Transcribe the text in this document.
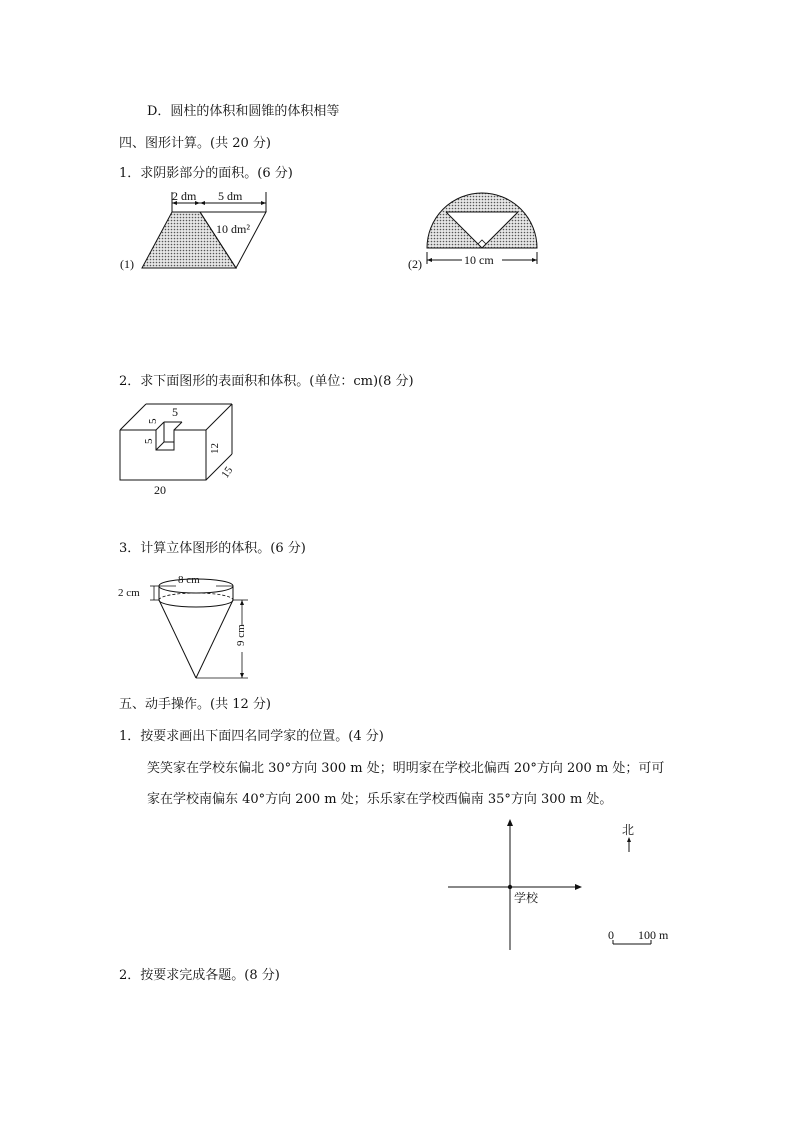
D．圆柱的体积和圆锥的体积相等
四、图形计算。(共 20 分)
1．求阴影部分的面积。(6 分)
2．求下面图形的表面积和体积。(单位：cm)(8 分)
3．计算立体图形的体积。(6 分)
五、动手操作。(共 12 分)
1．按要求画出下面四名同学家的位置。(4 分)
笑笑家在学校东偏北 30°方向 300 m 处；明明家在学校北偏西 20°方向 200 m 处；可可
家在学校南偏东 40°方向 200 m 处；乐乐家在学校西偏南 35°方向 300 m 处。
2．按要求完成各题。(8 分)
2 dm 5 dm
10 dm²
(1)	10 cm
(2)
5
5
5
12
15
20
8 cm
2 cm
9 cm
学校
北
0 100 m
